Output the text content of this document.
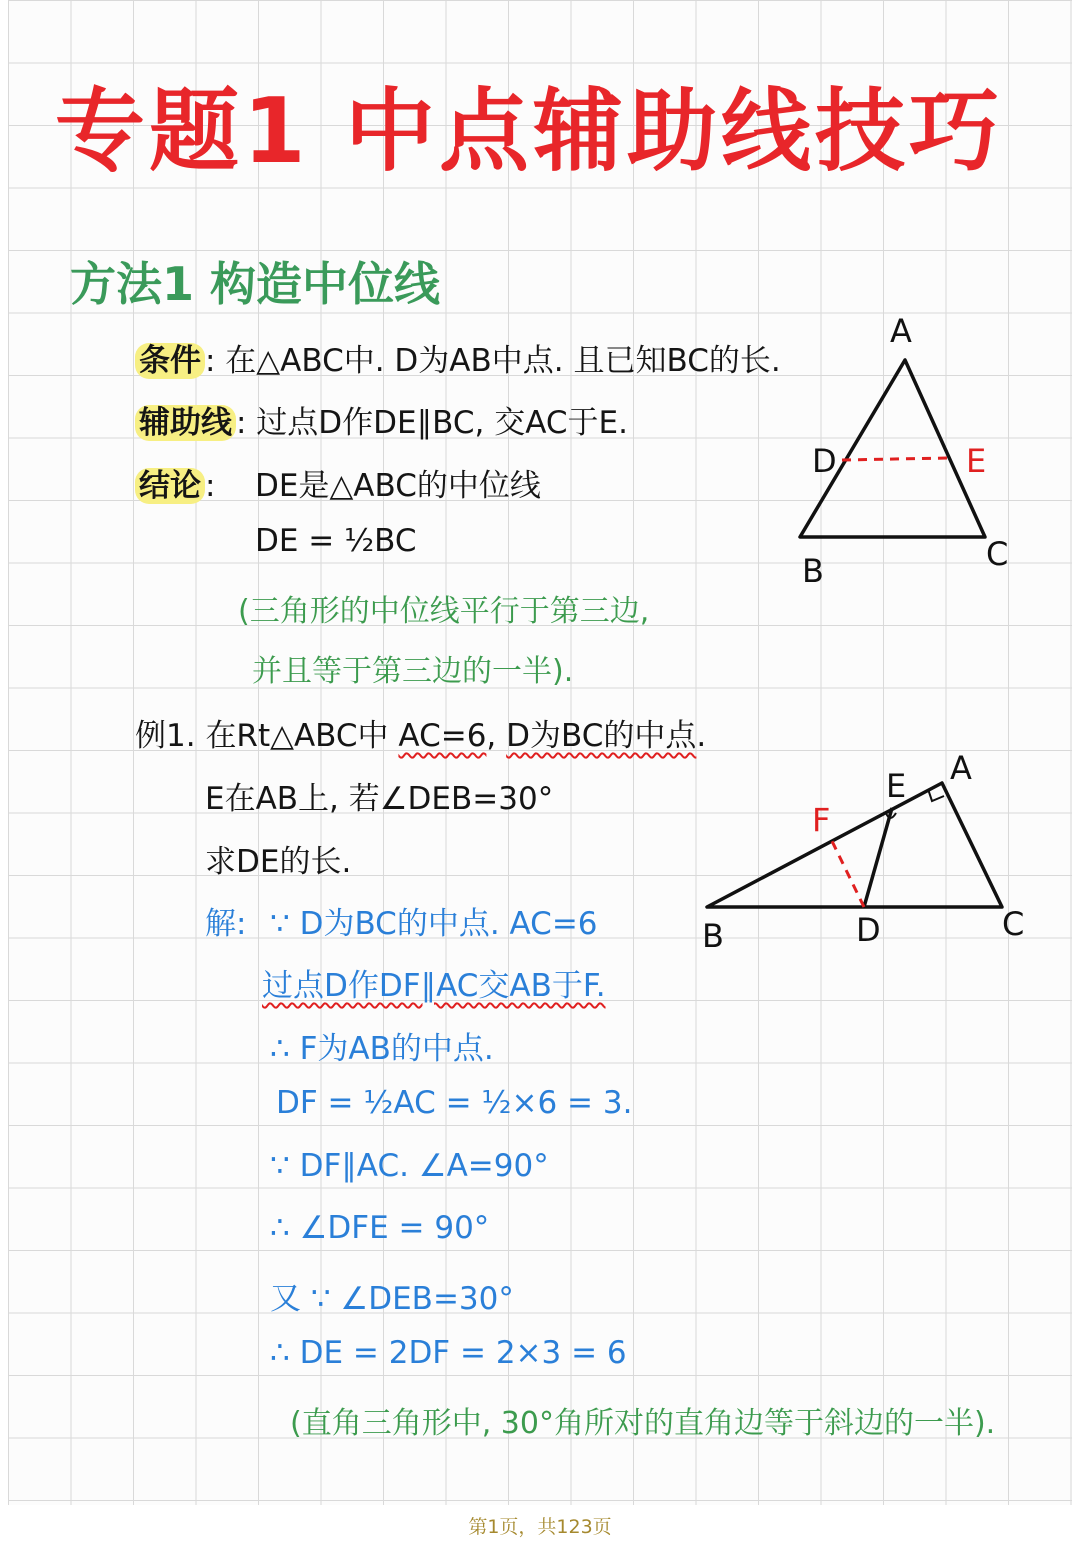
专题1 中点辅助线技巧
方法1 构造中位线
条件 : 在△ABC中. D为AB中点. 且已知BC的长.
辅助线 : 过点D作DE∥BC, 交AC于E.
结论 : DE是△ABC的中位线
DE = ½BC
(三角形的中位线平行于第三边,
并且等于第三边的一半).
例1. 在Rt△ABC中 AC=6, D为BC的中点.
E在AB上, 若∠DEB=30°
求DE的长.
解: ∵ D为BC的中点. AC=6
过点D作DF∥AC交AB于F.
∴ F为AB的中点.
DF = ½AC = ½×6 = 3.
∵ DF∥AC. ∠A=90°
∴ ∠DFE = 90°
又 ∵ ∠DEB=30°
∴ DE = 2DF = 2×3 = 6
(直角三角形中, 30°角所对的直角边等于斜边的一半).
A
D	E
B	C
A
E
F
B	D	C
第1页，共123页
